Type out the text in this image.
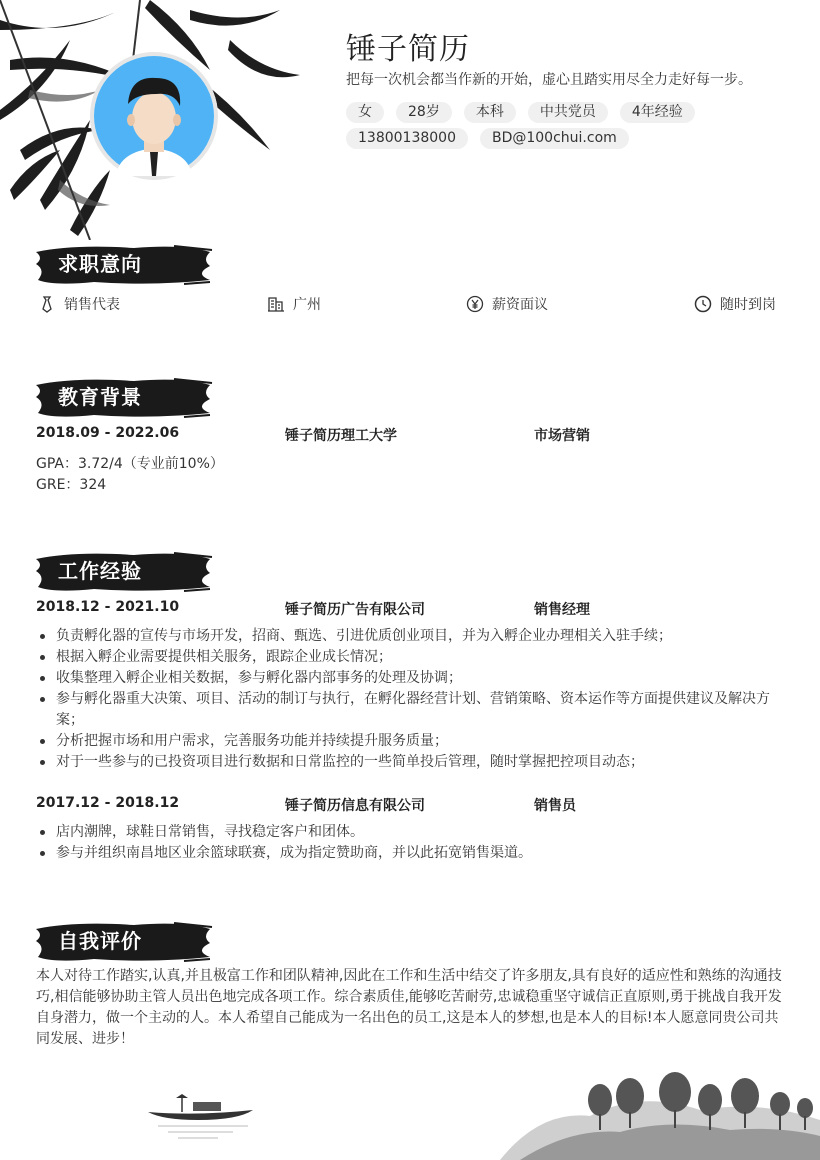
锤子简历
把每一次机会都当作新的开始，虚心且踏实用尽全力走好每一步。
女	28岁	本科	中共党员	4年经验
13800138000	BD@100chui.com
求职意向
销售代表	广州	薪资面议	随时到岗
教育背景
2018.09 - 2022.06	锤子简历理工大学	市场营销
GPA：3.72/4（专业前10%）
GRE：324
工作经验
2018.12 - 2021.10	锤子简历广告有限公司	销售经理
负责孵化器的宣传与市场开发，招商、甄选、引进优质创业项目，并为入孵企业办理相关入驻手续；
根据入孵企业需要提供相关服务，跟踪企业成长情况；
收集整理入孵企业相关数据，参与孵化器内部事务的处理及协调；
参与孵化器重大决策、项目、活动的制订与执行，在孵化器经营计划、营销策略、资本运作等方面提供建议及解决方案；
分析把握市场和用户需求，完善服务功能并持续提升服务质量；
对于一些参与的已投资项目进行数据和日常监控的一些简单投后管理，随时掌握把控项目动态；
2017.12 - 2018.12	锤子简历信息有限公司	销售员
店内潮牌，球鞋日常销售，寻找稳定客户和团体。
参与并组织南昌地区业余篮球联赛，成为指定赞助商，并以此拓宽销售渠道。
自我评价
本人对待工作踏实,认真,并且极富工作和团队精神,因此在工作和生活中结交了许多朋友,具有良好的适应性和熟练的沟通技巧,相信能够协助主管人员出色地完成各项工作。综合素质佳,能够吃苦耐劳,忠诚稳重坚守诚信正直原则,勇于挑战自我开发自身潜力，做一个主动的人。本人希望自己能成为一名出色的员工,这是本人的梦想,也是本人的目标!本人愿意同贵公司共同发展、进步！
